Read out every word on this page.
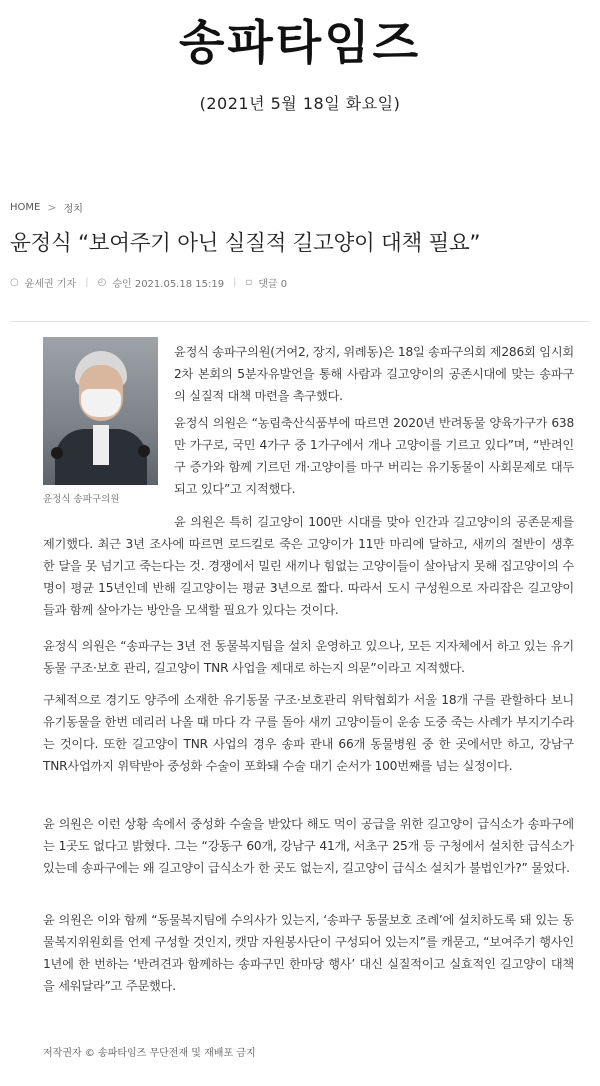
송파타임즈
(2021년 5월 18일 화요일)
HOME > 정치
윤정식 “보여주기 아닌 실질적 길고양이 대책 필요”
○ 윤세권 기자 | ◴ 승인 2021.05.18 15:19 | ▫ 댓글 0
윤정식 송파구의원

윤정식 송파구의원(거여2, 장지, 위례동)은 18일 송파구의회 제286회 임시회 2차 본회의 5분자유발언을 통해 사람과 길고양이의 공존시대에 맞는 송파구의 실질적 대책 마련을 촉구했다.

윤정식 의원은 “농림축산식품부에 따르면 2020년 반려동물 양육가구가 638만 가구로, 국민 4가구 중 1가구에서 개나 고양이를 기르고 있다”며, “반려인구 증가와 함께 기르던 개·고양이를 마구 버리는 유기동물이 사회문제로 대두되고 있다”고 지적했다.

윤 의원은 특히 길고양이 100만 시대를 맞아 인간과 길고양이의 공존문제를 제기했다. 최근 3년 조사에 따르면 로드킬로 죽은 고양이가 11만 마리에 달하고, 새끼의 절반이 생후 한 달을 못 넘기고 죽는다는 것. 경쟁에서 밀린 새끼나 힘없는 고양이들이 살아남지 못해 집고양이의 수명이 평균 15년인데 반해 길고양이는 평균 3년으로 짧다. 따라서 도시 구성원으로 자리잡은 길고양이들과 함께 살아가는 방안을 모색할 필요가 있다는 것이다.

윤정식 의원은 “송파구는 3년 전 동물복지팀을 설치 운영하고 있으나, 모든 지자체에서 하고 있는 유기동물 구조·보호 관리, 길고양이 TNR 사업을 제대로 하는지 의문”이라고 지적했다.

구체적으로 경기도 양주에 소재한 유기동물 구조·보호관리 위탁협회가 서울 18개 구를 관할하다 보니 유기동물을 한번 데리러 나올 때 마다 각 구를 돌아 새끼 고양이들이 운송 도중 죽는 사례가 부지기수라는 것이다. 또한 길고양이 TNR 사업의 경우 송파 관내 66개 동물병원 중 한 곳에서만 하고, 강남구 TNR사업까지 위탁받아 중성화 수술이 포화돼 수술 대기 순서가 100번째를 넘는 실정이다.

윤 의원은 이런 상황 속에서 중성화 수술을 받았다 해도 먹이 공급을 위한 길고양이 급식소가 송파구에는 1곳도 없다고 밝혔다. 그는 “강동구 60개, 강남구 41개, 서초구 25개 등 구청에서 설치한 급식소가 있는데 송파구에는 왜 길고양이 급식소가 한 곳도 없는지, 길고양이 급식소 설치가 불법인가?” 물었다.

윤 의원은 이와 함께 “동물복지팀에 수의사가 있는지, ‘송파구 동물보호 조례’에 설치하도록 돼 있는 동물복지위원회를 언제 구성할 것인지, 캣맘 자원봉사단이 구성되어 있는지”를 캐묻고, “보여주기 행사인 1년에 한 번하는 ‘반려견과 함께하는 송파구민 한마당 행사’ 대신 실질적이고 실효적인 길고양이 대책을 세워달라”고 주문했다.

저작권자 © 송파타임즈 무단전재 및 재배포 금지
